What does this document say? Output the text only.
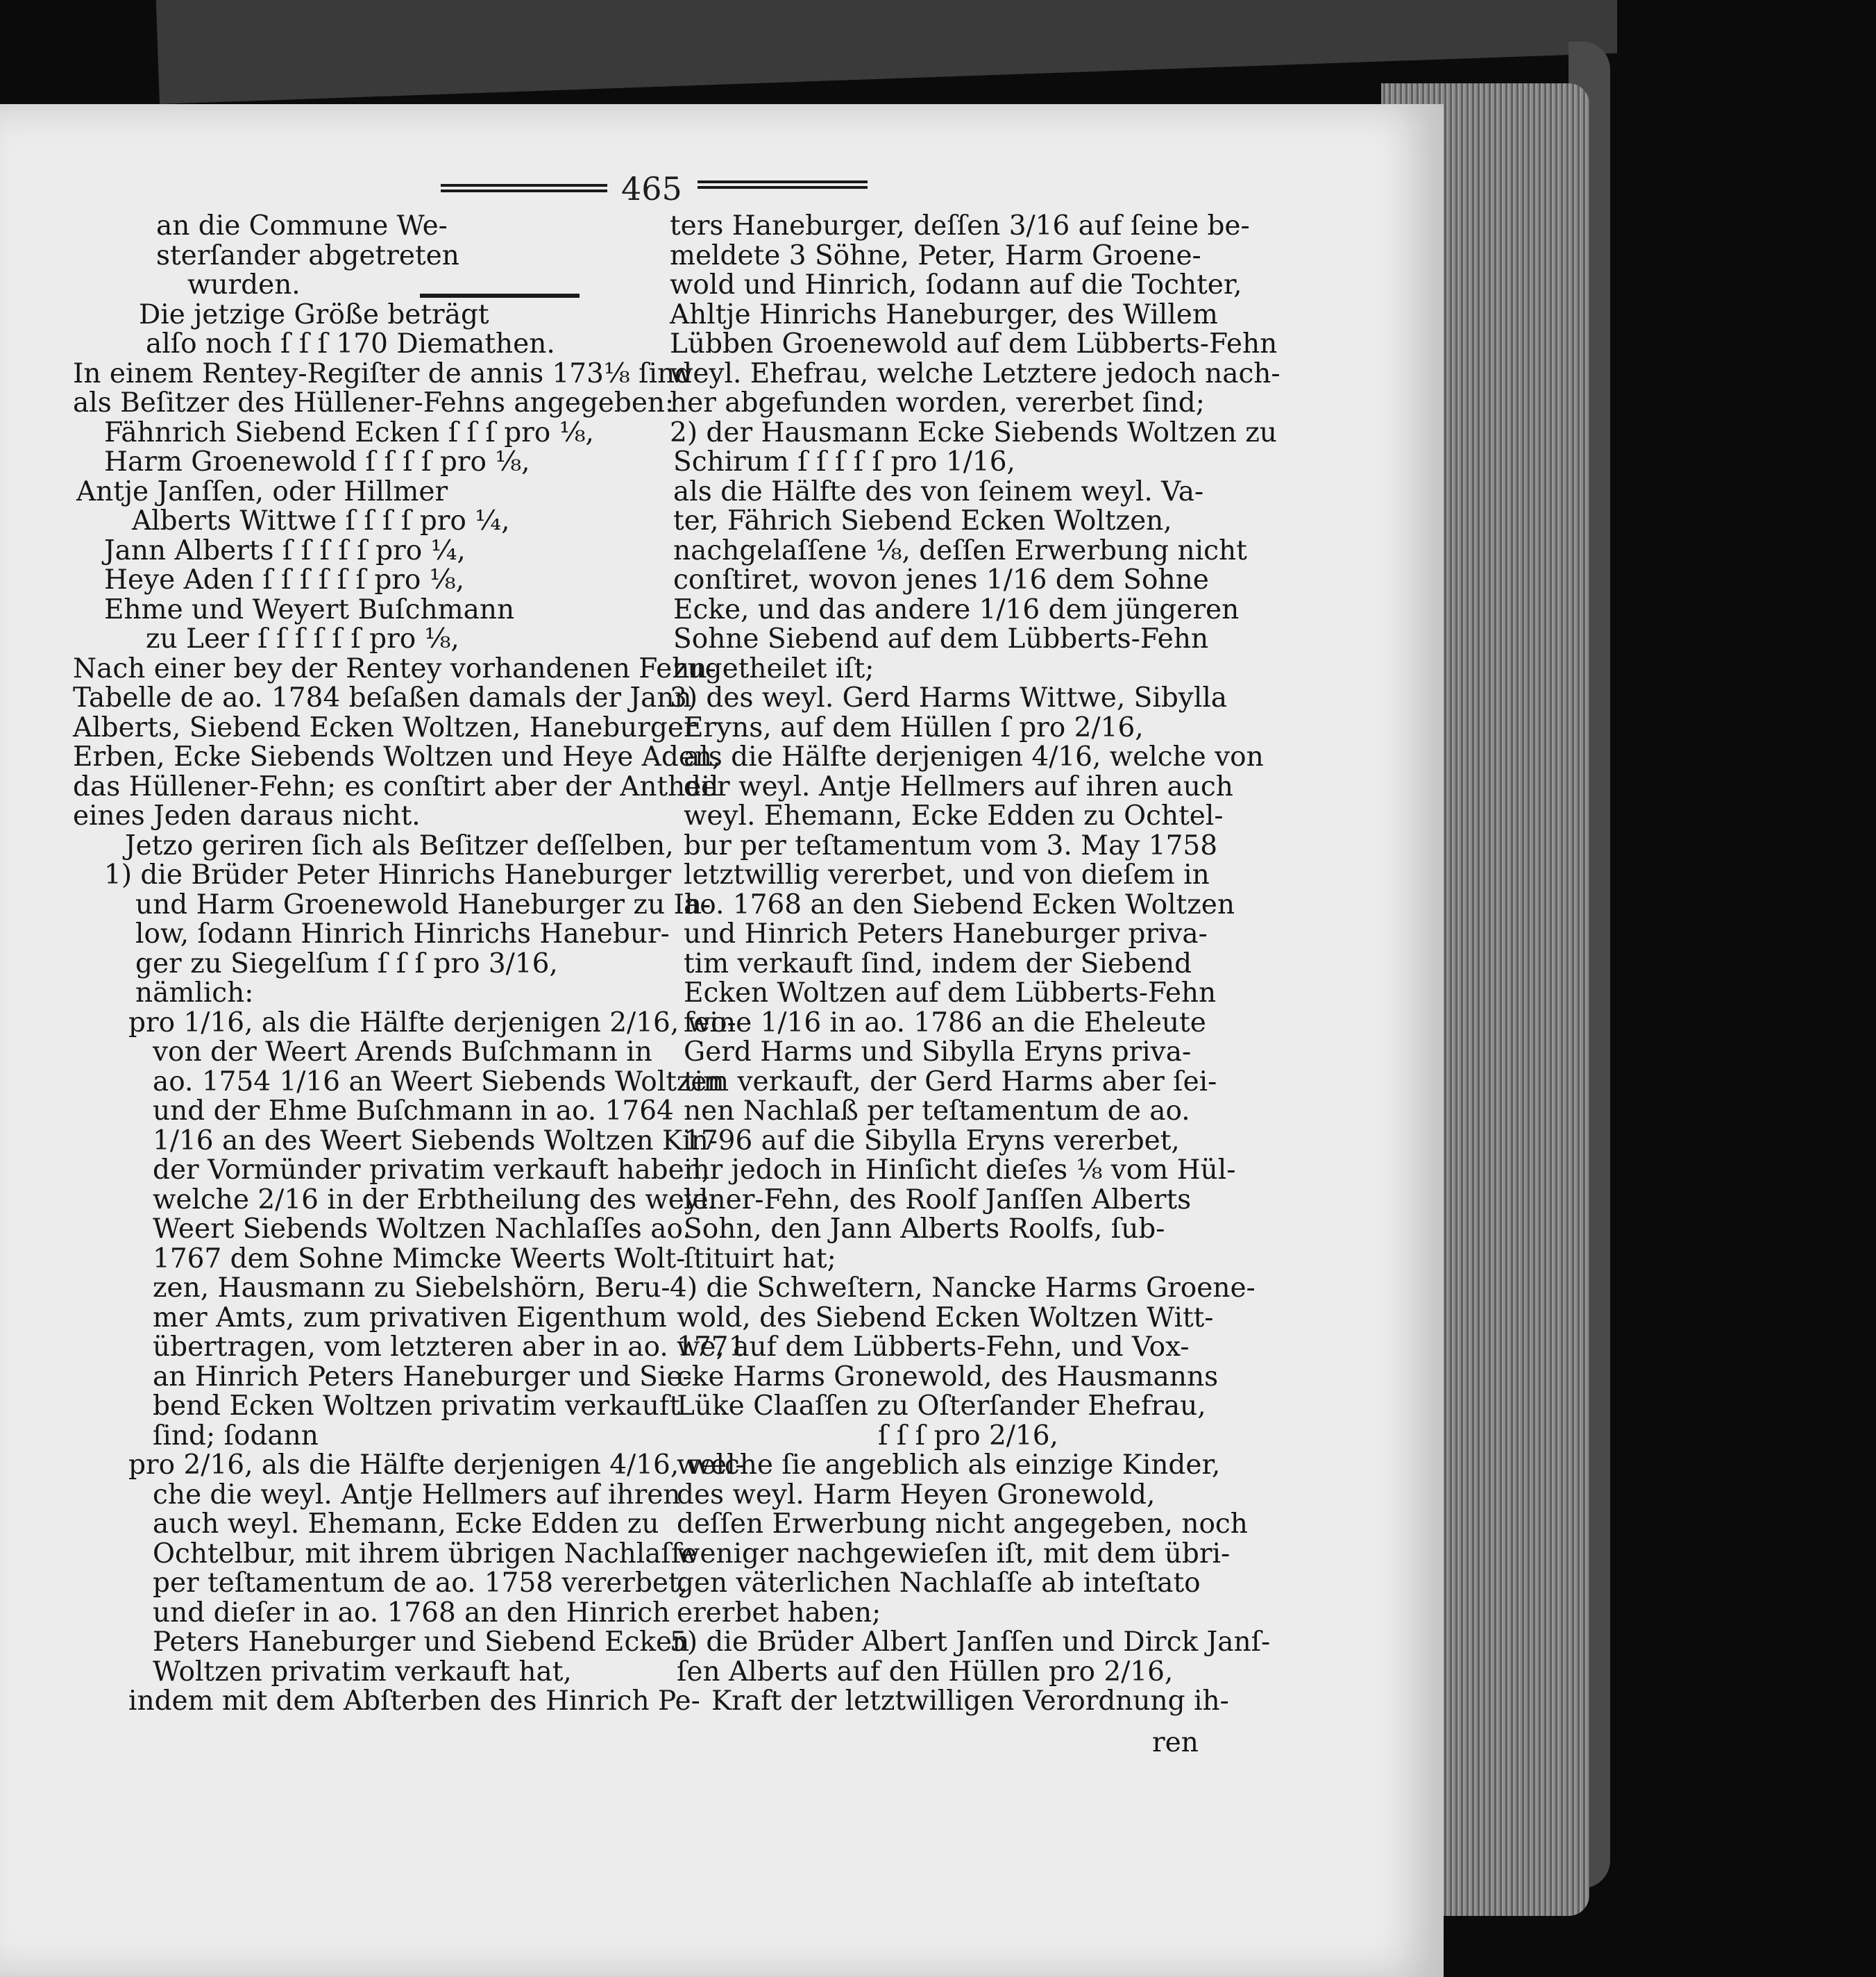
465
an die Commune We-
sterſander abgetreten
wurden.
Die jetzige Größe beträgt
alſo noch ſ ſ ſ 170 Diemathen.
In einem Rentey-Regiſter de annis 173⅛ ſind
als Beſitzer des Hüllener-Fehns angegeben:
Fähnrich Siebend Ecken ſ ſ ſ pro ⅛,
Harm Groenewold ſ ſ ſ ſ pro ⅛,
Antje Janſſen, oder Hillmer
Alberts Wittwe ſ ſ ſ ſ pro ¼,
Jann Alberts ſ ſ ſ ſ ſ pro ¼,
Heye Aden ſ ſ ſ ſ ſ ſ pro ⅛,
Ehme und Weyert Buſchmann
zu Leer ſ ſ ſ ſ ſ ſ pro ⅛,
Nach einer bey der Rentey vorhandenen Fehn-
Tabelle de ao. 1784 beſaßen damals der Jann
Alberts, Siebend Ecken Woltzen, Haneburger
Erben, Ecke Siebends Woltzen und Heye Aden,
das Hüllener-Fehn; es conſtirt aber der Antheil
eines Jeden daraus nicht.
Jetzo geriren ſich als Beſitzer deſſelben,
1) die Brüder Peter Hinrichs Haneburger
und Harm Groenewold Haneburger zu Ih-
low, ſodann Hinrich Hinrichs Hanebur-
ger zu Siegelſum ſ ſ ſ pro 3/16,
nämlich:
pro 1/16, als die Hälfte derjenigen 2/16, wo-
von der Weert Arends Buſchmann in
ao. 1754 1/16 an Weert Siebends Woltzen
und der Ehme Buſchmann in ao. 1764
1/16 an des Weert Siebends Woltzen Kin-
der Vormünder privatim verkauft haben,
welche 2/16 in der Erbtheilung des weyl.
Weert Siebends Woltzen Nachlaſſes ao.
1767 dem Sohne Mimcke Weerts Wolt-
zen, Hausmann zu Siebelshörn, Beru-
mer Amts, zum privativen Eigenthum
übertragen, vom letzteren aber in ao. 1771
an Hinrich Peters Haneburger und Sie-
bend Ecken Woltzen privatim verkauft
ſind; ſodann
pro 2/16, als die Hälfte derjenigen 4/16, wel-
che die weyl. Antje Hellmers auf ihren
auch weyl. Ehemann, Ecke Edden zu
Ochtelbur, mit ihrem übrigen Nachlaſſe
per teſtamentum de ao. 1758 vererbet,
und dieſer in ao. 1768 an den Hinrich
Peters Haneburger und Siebend Ecken
Woltzen privatim verkauft hat,
indem mit dem Abſterben des Hinrich Pe-
ters Haneburger, deſſen 3/16 auf ſeine be-
meldete 3 Söhne, Peter, Harm Groene-
wold und Hinrich, ſodann auf die Tochter,
Ahltje Hinrichs Haneburger, des Willem
Lübben Groenewold auf dem Lübberts-Fehn
weyl. Ehefrau, welche Letztere jedoch nach-
her abgefunden worden, vererbet ſind;
2) der Hausmann Ecke Siebends Woltzen zu
Schirum ſ ſ ſ ſ ſ pro 1/16,
als die Hälfte des von ſeinem weyl. Va-
ter, Fährich Siebend Ecken Woltzen,
nachgelaſſene ⅛, deſſen Erwerbung nicht
conſtiret, wovon jenes 1/16 dem Sohne
Ecke, und das andere 1/16 dem jüngeren
Sohne Siebend auf dem Lübberts-Fehn
zugetheilet iſt;
3) des weyl. Gerd Harms Wittwe, Sibylla
Eryns, auf dem Hüllen ſ pro 2/16,
als die Hälfte derjenigen 4/16, welche von
der weyl. Antje Hellmers auf ihren auch
weyl. Ehemann, Ecke Edden zu Ochtel-
bur per teſtamentum vom 3. May 1758
letztwillig vererbet, und von dieſem in
ao. 1768 an den Siebend Ecken Woltzen
und Hinrich Peters Haneburger priva-
tim verkauft ſind, indem der Siebend
Ecken Woltzen auf dem Lübberts-Fehn
ſeine 1/16 in ao. 1786 an die Eheleute
Gerd Harms und Sibylla Eryns priva-
tim verkauft, der Gerd Harms aber ſei-
nen Nachlaß per teſtamentum de ao.
1796 auf die Sibylla Eryns vererbet,
ihr jedoch in Hinſicht dieſes ⅛ vom Hül-
lener-Fehn, des Roolf Janſſen Alberts
Sohn, den Jann Alberts Roolfs, ſub-
ſtituirt hat;
4) die Schweſtern, Nancke Harms Groene-
wold, des Siebend Ecken Woltzen Witt-
we, auf dem Lübberts-Fehn, und Vox-
cke Harms Gronewold, des Hausmanns
Lüke Claaſſen zu Oſterſander Ehefrau,
ſ ſ ſ pro 2/16,
welche ſie angeblich als einzige Kinder,
des weyl. Harm Heyen Gronewold,
deſſen Erwerbung nicht angegeben, noch
weniger nachgewieſen iſt, mit dem übri-
gen väterlichen Nachlaſſe ab inteſtato
ererbet haben;
5) die Brüder Albert Janſſen und Dirck Janſ-
ſen Alberts auf den Hüllen pro 2/16,
Kraft der letztwilligen Verordnung ih-
ren
